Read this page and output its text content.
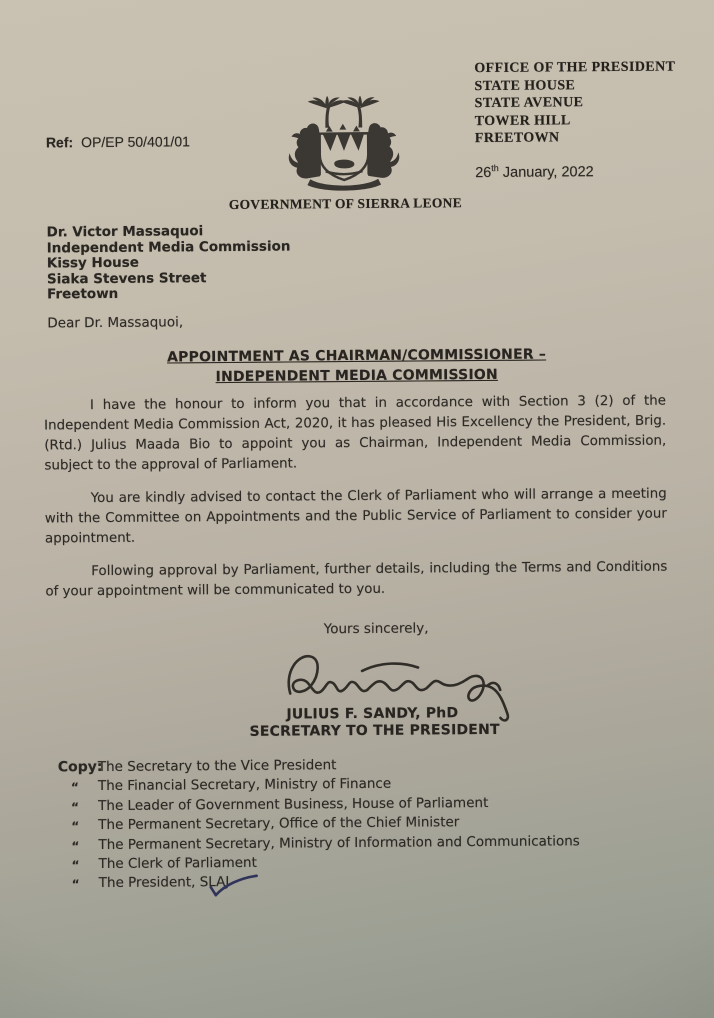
Ref: OP/EP 50/401/01
OFFICE OF THE PRESIDENT
STATE HOUSE
STATE AVENUE
TOWER HILL
FREETOWN
26th January, 2022
GOVERNMENT OF SIERRA LEONE
Dr. Victor Massaquoi
Independent Media Commission
Kissy House
Siaka Stevens Street
Freetown
Dear Dr. Massaquoi,
APPOINTMENT AS CHAIRMAN/COMMISSIONER –
INDEPENDENT MEDIA COMMISSION

I have the honour to inform you that in accordance with Section 3 (2) of the Independent Media Commission Act, 2020, it has pleased His Excellency the President, Brig. (Rtd.) Julius Maada Bio to appoint you as Chairman, Independent Media Commission, subject to the approval of Parliament.

You are kindly advised to contact the Clerk of Parliament who will arrange a meeting with the Committee on Appointments and the Public Service of Parliament to consider your appointment.

Following approval by Parliament, further details, including the Terms and Conditions of your appointment will be communicated to you.

Yours sincerely,
JULIUS F. SANDY, PhD
SECRETARY TO THE PRESIDENT
Copy:
The Secretary to the Vice President
“	The Financial Secretary, Ministry of Finance
“	The Leader of Government Business, House of Parliament
“	The Permanent Secretary, Office of the Chief Minister
“	The Permanent Secretary, Ministry of Information and Communications
“	The Clerk of Parliament
“	The President, SLAJ
